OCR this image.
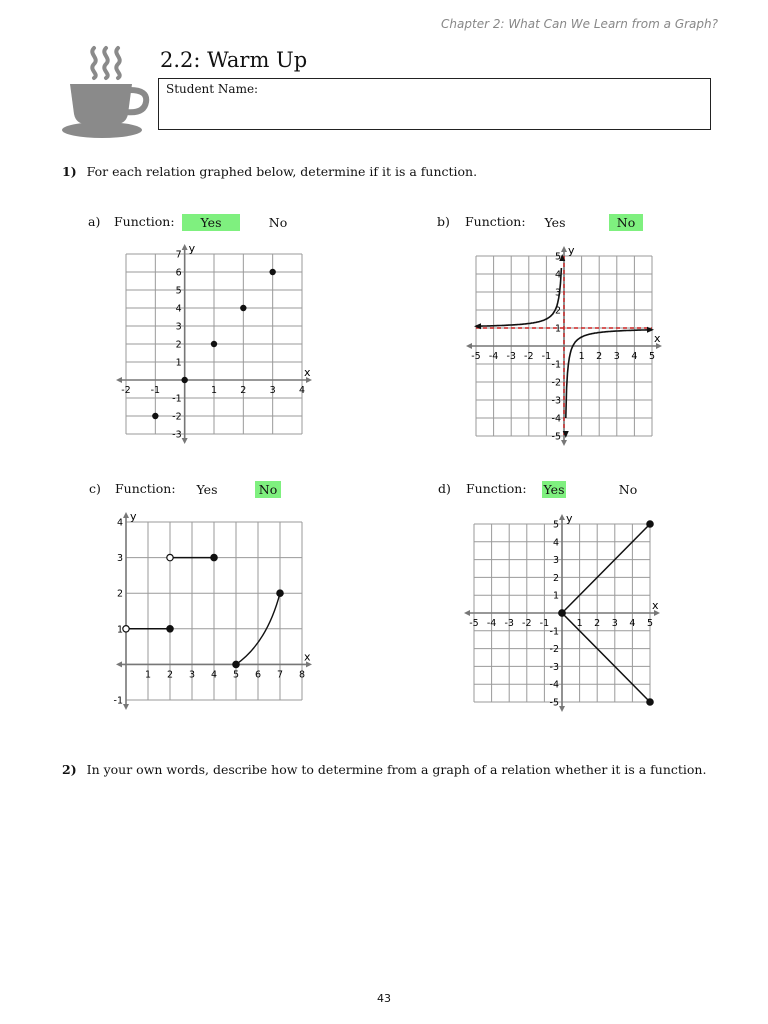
Chapter 2: What Can We Learn from a Graph?
2.2: Warm Up
Student Name:
1) For each relation graphed below, determine if it is a function.
a) Function:	Yes	No	b) Function: Yes	No
c) Function: Yes	No	d) Function: Yes	No
x
y
-2 -1	1 2 3 4
7
6
5
4
3
2
1
-1
-2
-3
x
y
-5 -4 -3 -2 -1	1 2 3 4 5
5
4
3
2
1
-1
-2
-3
-4
-5
x
y
1 2 3 4 5 6 7 8
4
3
2
1
-1
x
y
-5 -4 -3 -2 -1	1 2 3 4 5
5
4
3
2
1
-1
-2
-3
-4
-5
2) In your own words, describe how to determine from a graph of a relation whether it is a function.
43
